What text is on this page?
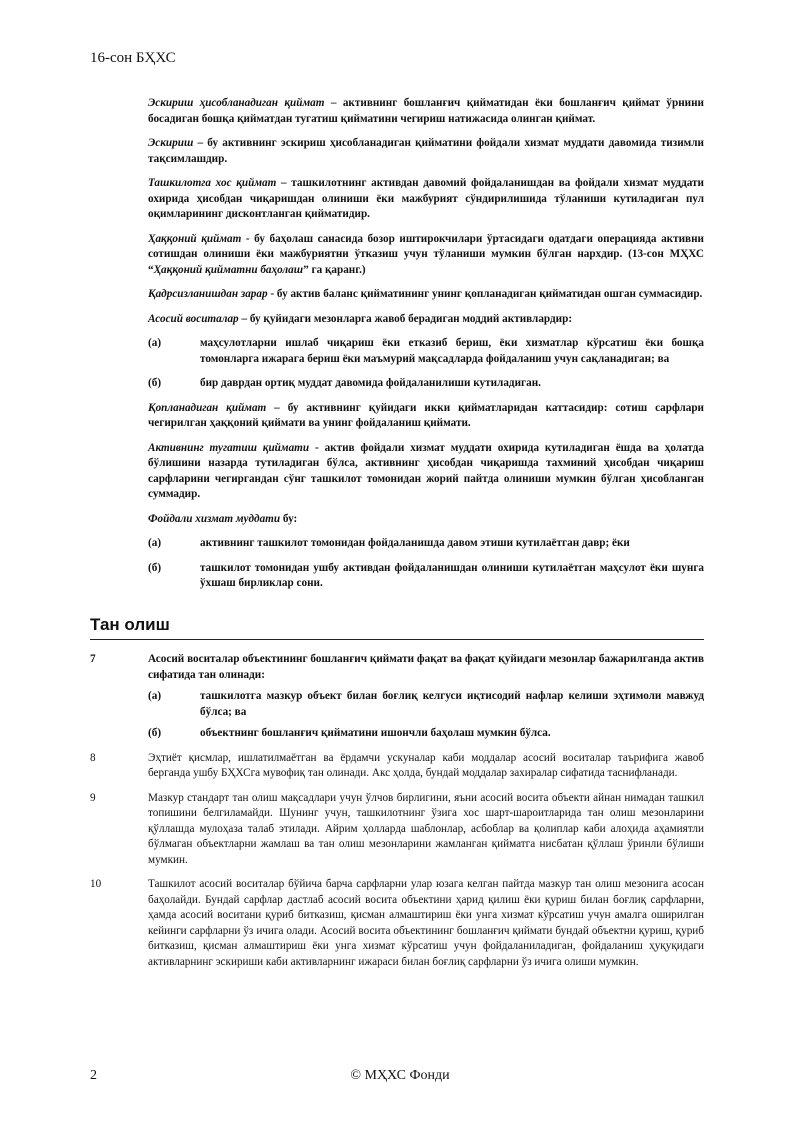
16-сон БҲХС

Эскириш ҳисобланадиган қиймат – активнинг бошланғич қийматидан ёки бошланғич қиймат ўрнини босадиган бошқа қийматдан тугатиш қийматини чегириш натижасида олинган қиймат.

Эскириш – бу активнинг эскириш ҳисобланадиган қийматини фойдали хизмат муддати давомида тизимли тақсимлашдир.

Ташкилотга хос қиймат – ташкилотнинг активдан давомий фойдаланишдан ва фойдали хизмат муддати охирида ҳисобдан чиқаришдан олиниши ёки мажбурият сўндирилишида тўланиши кутиладиган пул оқимларининг дисконтланган қийматидир.

Ҳаққоний қиймат - бу баҳолаш санасида бозор иштирокчилари ўртасидаги одатдаги операцияда активни сотишдан олиниши ёки мажбуриятни ўтказиш учун тўланиши мумкин бўлган нархдир. (13-сон МҲХС “Ҳаққоний қийматни баҳолаш” га қаранг.)

Қадрсизланишдан зарар - бу актив баланс қийматининг унинг қопланадиган қийматидан ошган суммасидир.

Асосий воситалар – бу қуйидаги мезонларга жавоб берадиган моддий активлардир:

(а)	маҳсулотларни ишлаб чиқариш ёки етказиб бериш, ёки хизматлар кўрсатиш ёки бошқа томонларга ижарага бериш ёки маъмурий мақсадларда фойдаланиш учун сақланадиган; ва
(б)	бир даврдан ортиқ муддат давомида фойдаланилиши кутиладиган.

Қопланадиган қиймат – бу активнинг қуйидаги икки қийматларидан каттасидир: сотиш сарфлари чегирилган ҳаққоний қиймати ва унинг фойдаланиш қиймати.

Активнинг тугатиш қиймати - актив фойдали хизмат муддати охирида кутиладиган ёшда ва ҳолатда бўлишини назарда тутиладиган бўлса, активнинг ҳисобдан чиқаришда тахминий ҳисобдан чиқариш сарфларини чегиргандан сўнг ташкилот томонидан жорий пайтда олиниши мумкин бўлган ҳисобланган суммадир.

Фойдали хизмат муддати бу:

(а)	активнинг ташкилот томонидан фойдаланишда давом этиши кутилаётган давр; ёки
(б)	ташкилот томонидан ушбу активдан фойдаланишдан олиниши кутилаётган маҳсулот ёки шунга ўхшаш бирликлар сони.
Тан олиш
7	Асосий воситалар объектининг бошланғич қиймати фақат ва фақат қуйидаги мезонлар бажарилганда актив сифатида тан олинади:
(а)	ташкилотга мазкур объект билан боғлиқ келгуси иқтисодий нафлар келиши эҳтимоли мавжуд бўлса; ва
(б)	объектнинг бошланғич қийматини ишончли баҳолаш мумкин бўлса.
8	Эҳтиёт қисмлар, ишлатилмаётган ва ёрдамчи ускуналар каби моддалар асосий воситалар таърифига жавоб берганда ушбу БҲХСга мувофиқ тан олинади. Акс ҳолда, бундай моддалар захиралар сифатида таснифланади.
9	Мазкур стандарт тан олиш мақсадлари учун ўлчов бирлигини, яъни асосий восита объекти айнан нимадан ташкил топишини белгиламайди. Шунинг учун, ташкилотнинг ўзига хос шарт-шароитларида тан олиш мезонларини қўллашда мулоҳаза талаб этилади. Айрим ҳолларда шаблонлар, асбоблар ва қолиплар каби алоҳида аҳамиятли бўлмаган объектларни жамлаш ва тан олиш мезонларини жамланган қийматга нисбатан қўллаш ўринли бўлиши мумкин.
10	Ташкилот асосий воситалар бўйича барча сарфларни улар юзага келган пайтда мазкур тан олиш мезонига асосан баҳолайди. Бундай сарфлар дастлаб асосий восита объектини ҳарид қилиш ёки қуриш билан боғлиқ сарфларни, ҳамда асосий воситани қуриб битказиш, қисман алмаштириш ёки унга хизмат кўрсатиш учун амалга оширилган кейинги сарфларни ўз ичига олади. Асосий восита объектининг бошланғич қиймати бундай объектни қуриш, қуриб битказиш, қисман алмаштириш ёки унга хизмат кўрсатиш учун фойдаланиладиган, фойдаланиш ҳуқуқидаги активларнинг эскириши каби активларнинг ижараси билан боғлиқ сарфларни ўз ичига олиши мумкин.
2	© МҲХС Фонди
